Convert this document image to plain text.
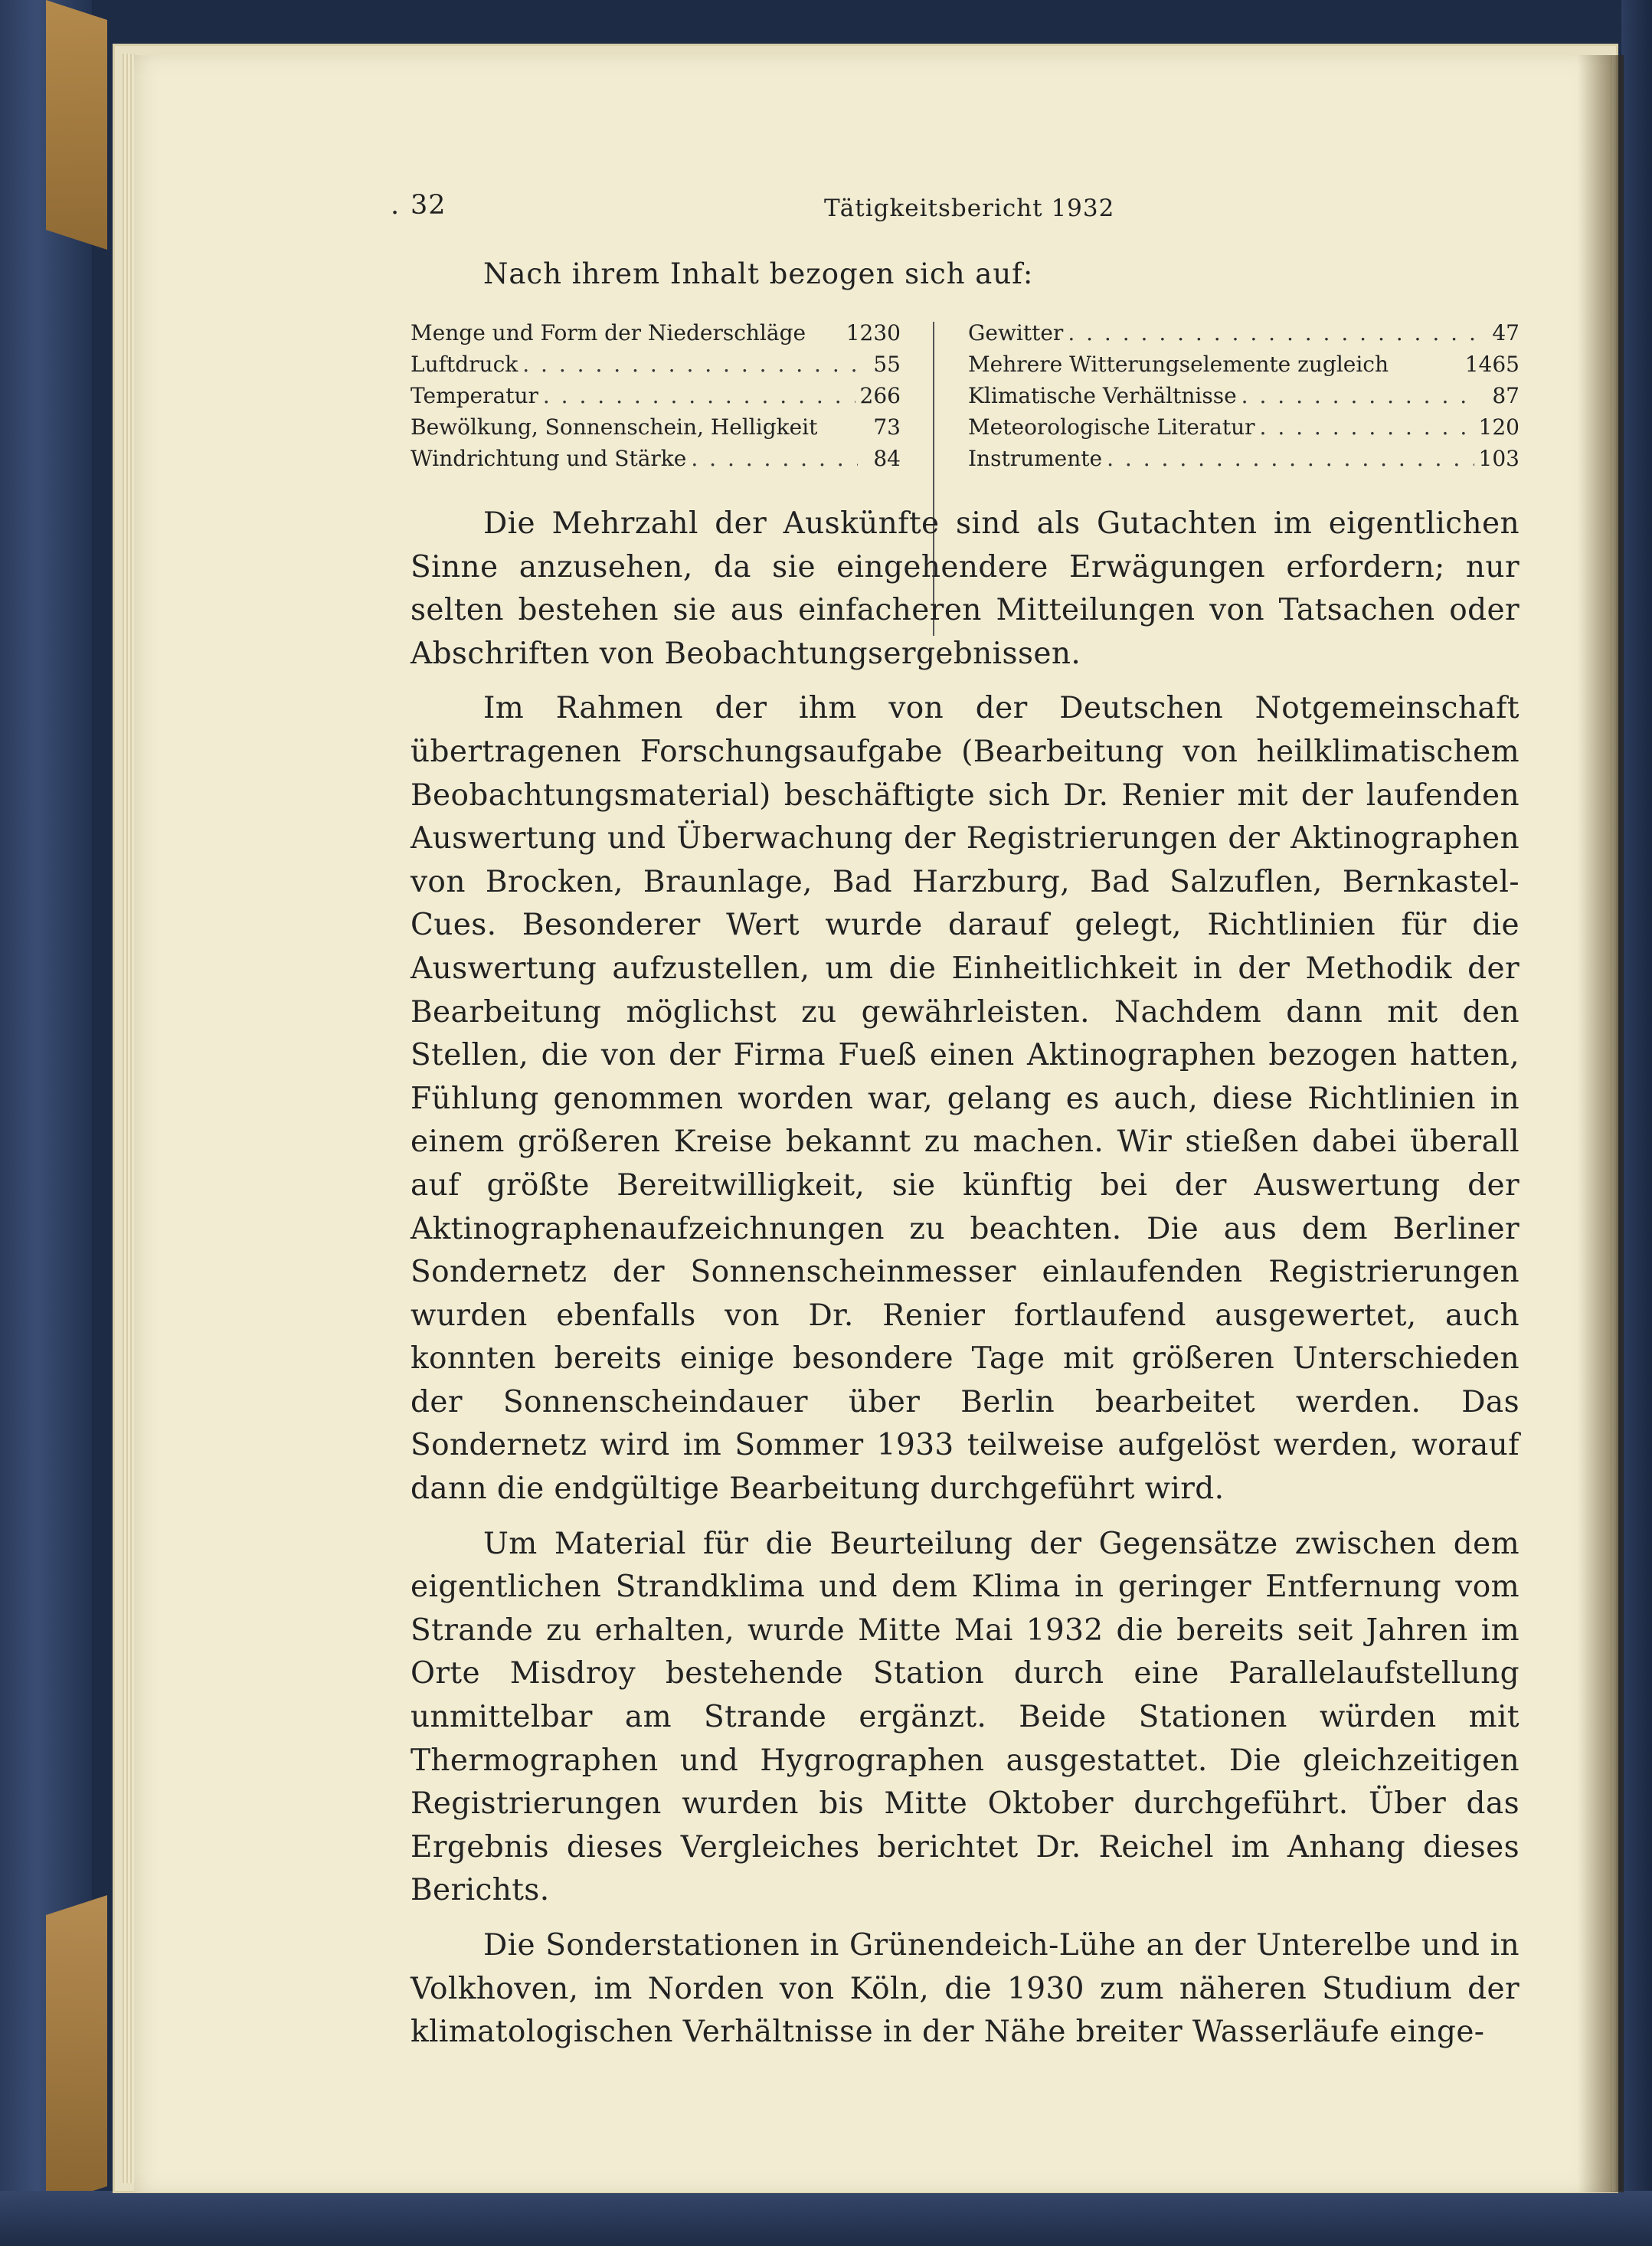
. 32	Tätigkeitsbericht 1932
Nach ihrem Inhalt bezogen sich auf:
Menge und Form der Niederschläge 1230
Luftdruck . . .	55
Temperatur . . .	266
Bewölkung, Sonnenschein, Helligkeit	73
Windrichtung und Stärke . . .	84
Gewitter . . .	47
Mehrere Witterungselemente zugleich	1465
Klimatische Verhältnisse . . .	87
Meteorologische Literatur . . .	120
Instrumente . . .	103

Die Mehrzahl der Auskünfte sind als Gutachten im eigentlichen Sinne anzusehen, da sie eingehendere Erwägungen erfordern; nur selten bestehen sie aus einfacheren Mitteilungen von Tatsachen oder Abschriften von Beobachtungsergebnissen.

Im Rahmen der ihm von der Deutschen Notgemeinschaft übertragenen Forschungsaufgabe (Bearbeitung von heilklimatischem Beobachtungsmaterial) beschäftigte sich Dr. Renier mit der laufenden Auswertung und Überwachung der Registrierungen der Aktinographen von Brocken, Braunlage, Bad Harzburg, Bad Salzuflen, Bernkastel-Cues. Besonderer Wert wurde darauf gelegt, Richtlinien für die Auswertung aufzustellen, um die Einheitlichkeit in der Methodik der Bearbeitung möglichst zu gewährleisten. Nachdem dann mit den Stellen, die von der Firma Fueß einen Aktinographen bezogen hatten, Fühlung genommen worden war, gelang es auch, diese Richtlinien in einem größeren Kreise bekannt zu machen. Wir stießen dabei überall auf größte Bereitwilligkeit, sie künftig bei der Auswertung der Aktinographenaufzeichnungen zu beachten. Die aus dem Berliner Sondernetz der Sonnenscheinmesser einlaufenden Registrierungen wurden ebenfalls von Dr. Renier fortlaufend ausgewertet, auch konnten bereits einige besondere Tage mit größeren Unterschieden der Sonnenscheindauer über Berlin bearbeitet werden. Das Sondernetz wird im Sommer 1933 teilweise aufgelöst werden, worauf dann die endgültige Bearbeitung durchgeführt wird.

Um Material für die Beurteilung der Gegensätze zwischen dem eigentlichen Strandklima und dem Klima in geringer Entfernung vom Strande zu erhalten, wurde Mitte Mai 1932 die bereits seit Jahren im Orte Misdroy bestehende Station durch eine Parallelaufstellung unmittelbar am Strande ergänzt. Beide Stationen würden mit Thermographen und Hygrographen ausgestattet. Die gleichzeitigen Registrierungen wurden bis Mitte Oktober durchgeführt. Über das Ergebnis dieses Vergleiches berichtet Dr. Reichel im Anhang dieses Berichts.

Die Sonderstationen in Grünendeich-Lühe an der Unterelbe und in Volkhoven, im Norden von Köln, die 1930 zum näheren Studium der klimatologischen Verhältnisse in der Nähe breiter Wasserläufe einge-
